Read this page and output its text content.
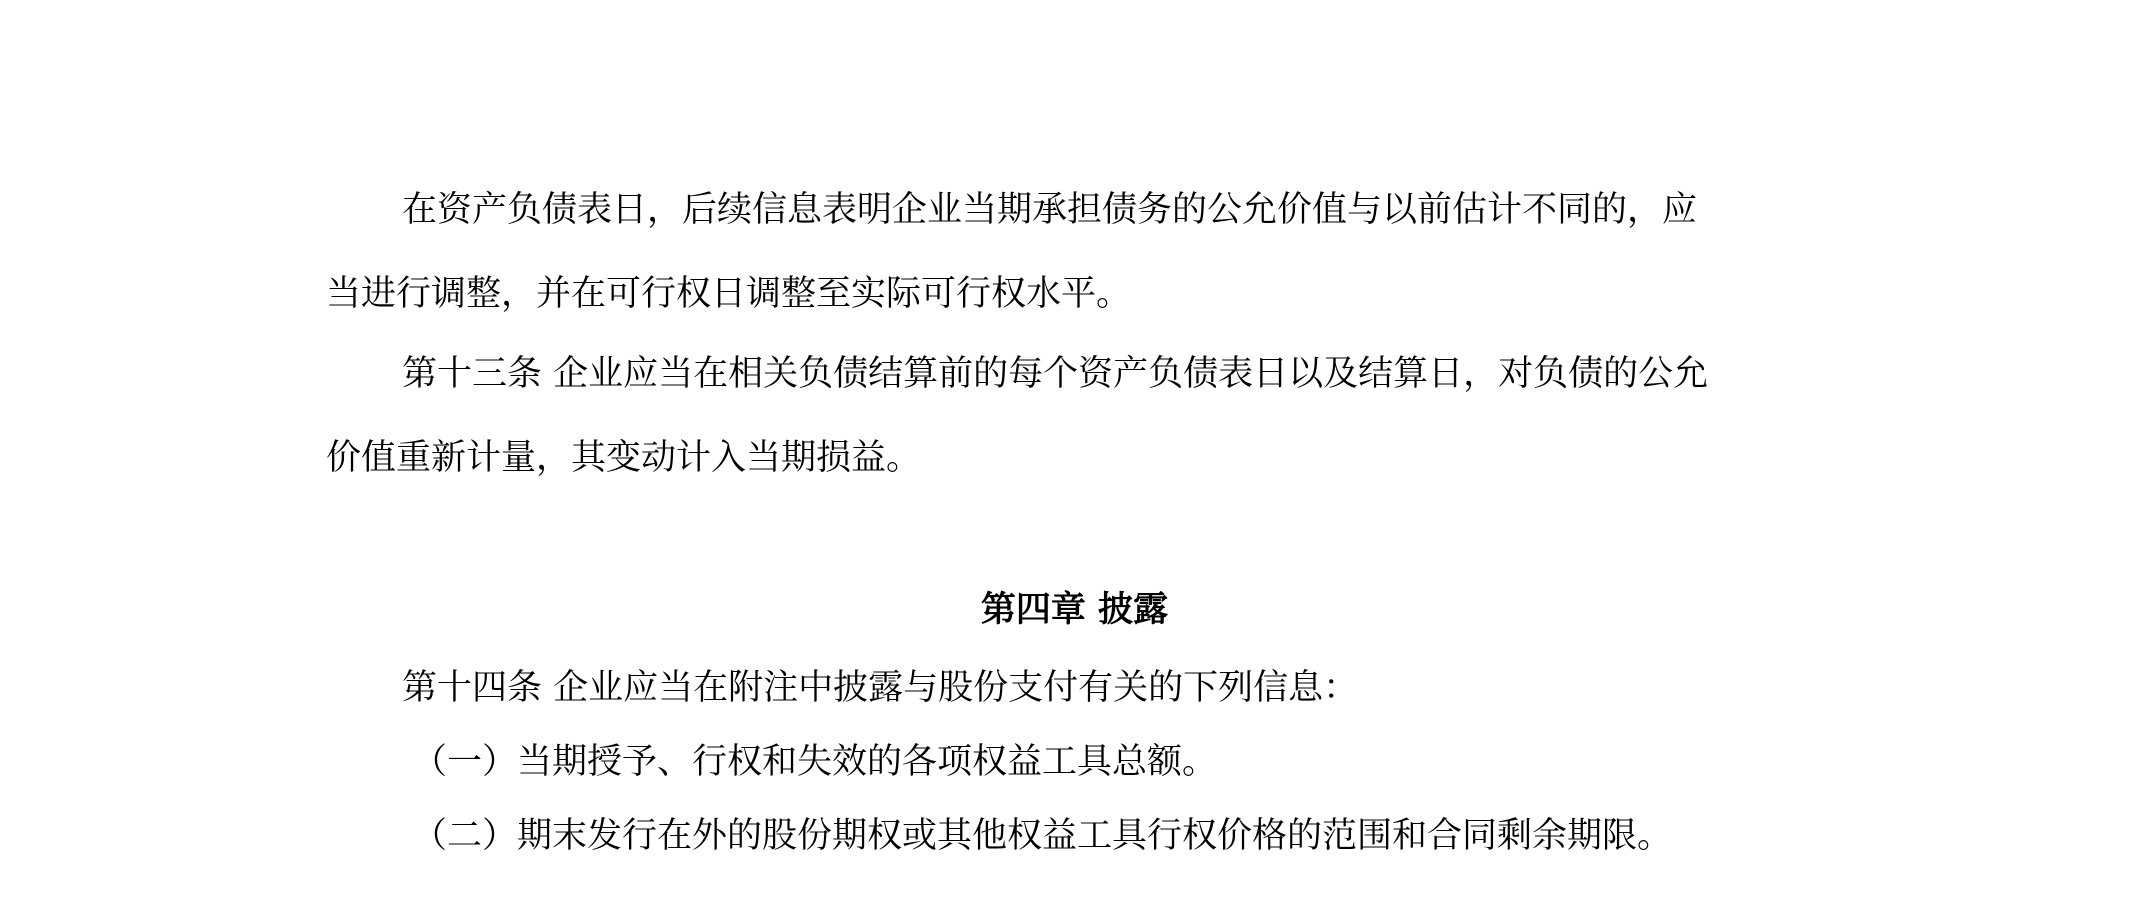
在资产负债表日，后续信息表明企业当期承担债务的公允价值与以前估计不同的，应
当进行调整，并在可行权日调整至实际可行权水平。
第十三条 企业应当在相关负债结算前的每个资产负债表日以及结算日，对负债的公允
价值重新计量，其变动计入当期损益。
第四章 披露
第十四条 企业应当在附注中披露与股份支付有关的下列信息：
（一）当期授予、行权和失效的各项权益工具总额。
（二）期末发行在外的股份期权或其他权益工具行权价格的范围和合同剩余期限。
